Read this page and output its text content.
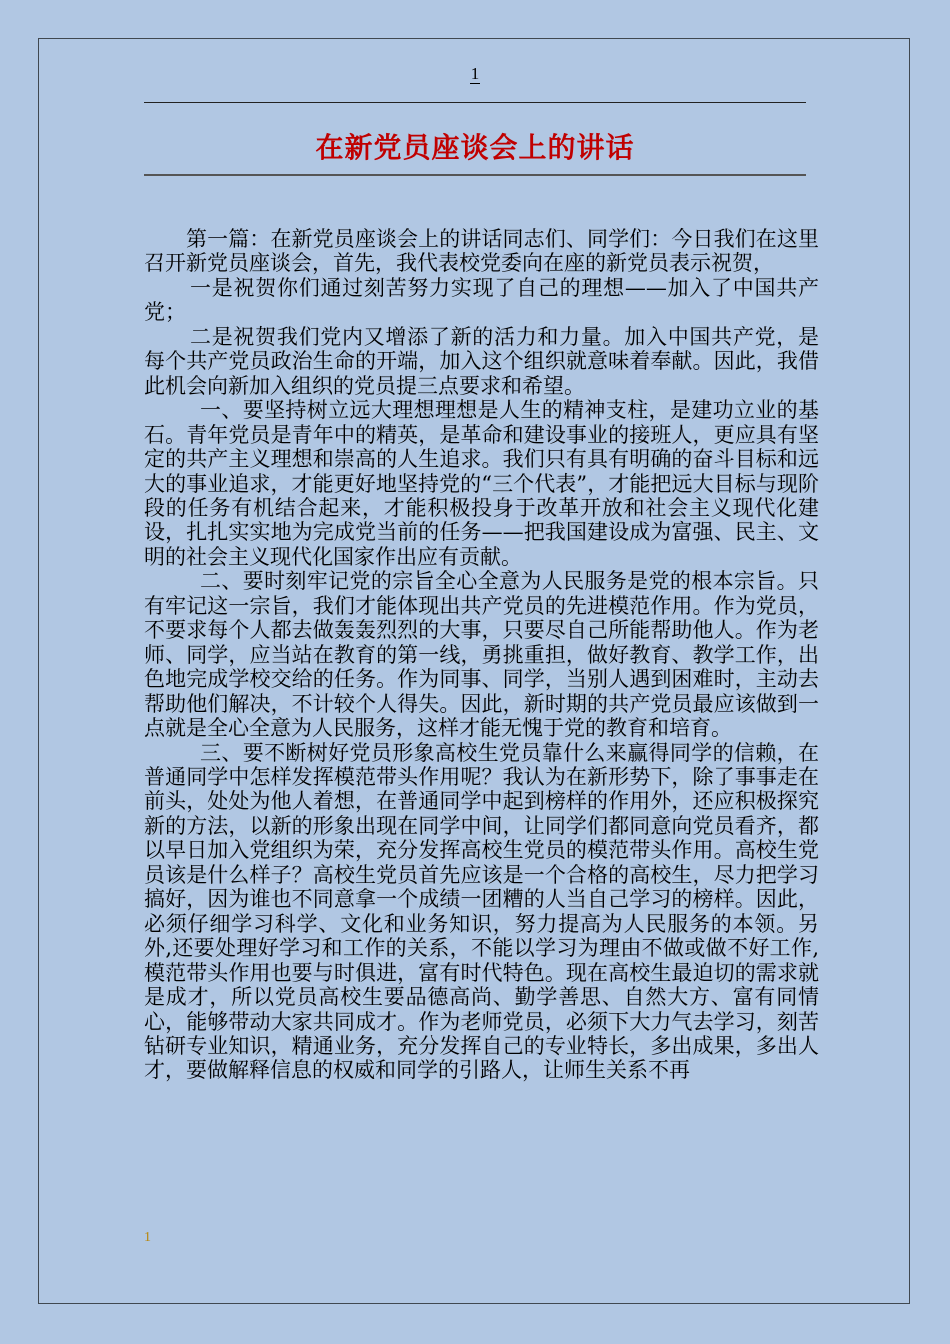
1
在新党员座谈会上的讲话

第一篇：在新党员座谈会上的讲话同志们、同学们：今日我们在这里召开新党员座谈会，首先，我代表校党委向在座的新党员表示祝贺，

一是祝贺你们通过刻苦努力实现了自己的理想——加入了中国共产党；

二是祝贺我们党内又增添了新的活力和力量。加入中国共产党，是每个共产党员政治生命的开端，加入这个组织就意味着奉献。因此，我借此机会向新加入组织的党员提三点要求和希望。

一、要坚持树立远大理想理想是人生的精神支柱，是建功立业的基石。青年党员是青年中的精英，是革命和建设事业的接班人，更应具有坚定的共产主义理想和崇高的人生追求。我们只有具有明确的奋斗目标和远大的事业追求，才能更好地坚持党的“三个代表”，才能把远大目标与现阶段的任务有机结合起来，才能积极投身于改革开放和社会主义现代化建设，扎扎实实地为完成党当前的任务——把我国建设成为富强、民主、文明的社会主义现代化国家作出应有贡献。

二、要时刻牢记党的宗旨全心全意为人民服务是党的根本宗旨。只有牢记这一宗旨，我们才能体现出共产党员的先进模范作用。作为党员，不要求每个人都去做轰轰烈烈的大事，只要尽自己所能帮助他人。作为老师、同学，应当站在教育的第一线，勇挑重担，做好教育、教学工作，出色地完成学校交给的任务。作为同事、同学，当别人遇到困难时，主动去帮助他们解决，不计较个人得失。因此，新时期的共产党员最应该做到一点就是全心全意为人民服务，这样才能无愧于党的教育和培育。

三、要不断树好党员形象高校生党员靠什么来赢得同学的信赖，在普通同学中怎样发挥模范带头作用呢？我认为在新形势下，除了事事走在前头，处处为他人着想，在普通同学中起到榜样的作用外，还应积极探究新的方法，以新的形象出现在同学中间，让同学们都同意向党员看齐，都以早日加入党组织为荣，充分发挥高校生党员的模范带头作用。高校生党员该是什么样子？高校生党员首先应该是一个合格的高校生，尽力把学习搞好，因为谁也不同意拿一个成绩一团糟的人当自己学习的榜样。因此，必须仔细学习科学、文化和业务知识，努力提高为人民服务的本领。另外,还要处理好学习和工作的关系，不能以学习为理由不做或做不好工作,模范带头作用也要与时俱进，富有时代特色。现在高校生最迫切的需求就是成才，所以党员高校生要品德高尚、勤学善思、自然大方、富有同情心，能够带动大家共同成才。作为老师党员，必须下大力气去学习，刻苦钻研专业知识，精通业务，充分发挥自己的专业特长，多出成果，多出人才，要做解释信息的权威和同学的引路人，让师生关系不再

1
